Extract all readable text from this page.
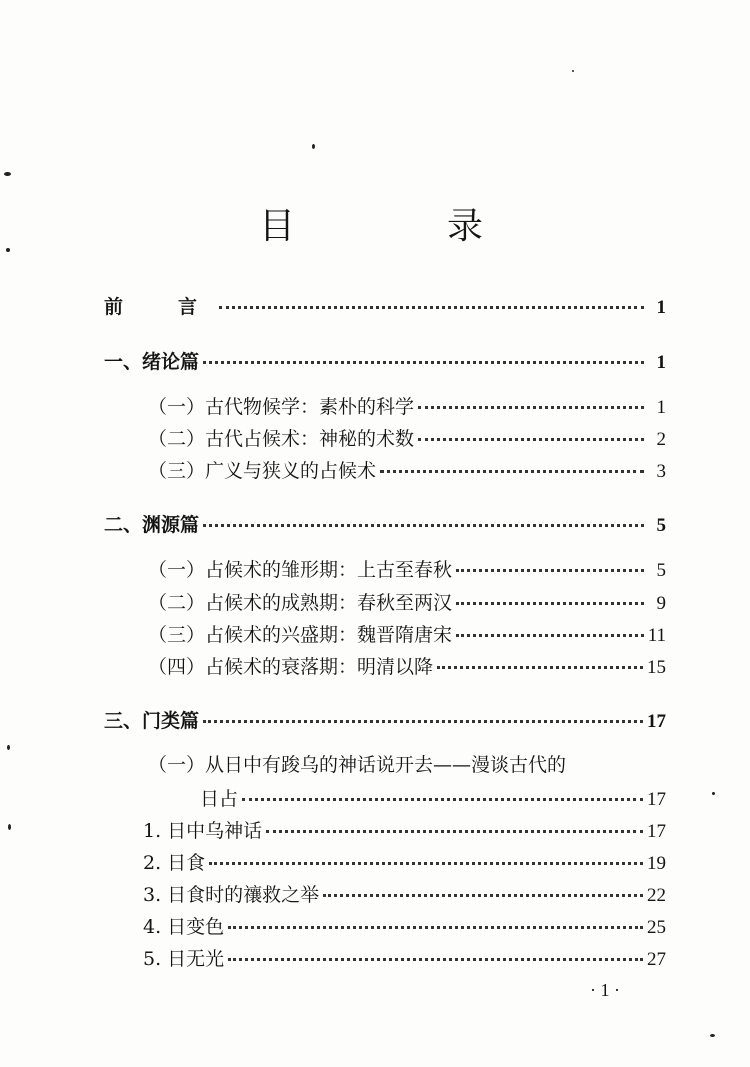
目　录
前　言	1
一、绪论篇	1
（一）古代物候学：素朴的科学	1
（二）古代占候术：神秘的术数	2
（三）广义与狭义的占候术	3
二、渊源篇	5
（一）占候术的雏形期：上古至春秋	5
（二）占候术的成熟期：春秋至两汉	9
（三）占候术的兴盛期：魏晋隋唐宋	11
（四）占候术的衰落期：明清以降	15
三、门类篇	17
（一）从日中有踆乌的神话说开去——漫谈古代的
日占	17
1. 日中乌神话	17
2. 日食	19
3. 日食时的禳救之举	22
4. 日变色	25
5. 日无光	27
· 1 ·
